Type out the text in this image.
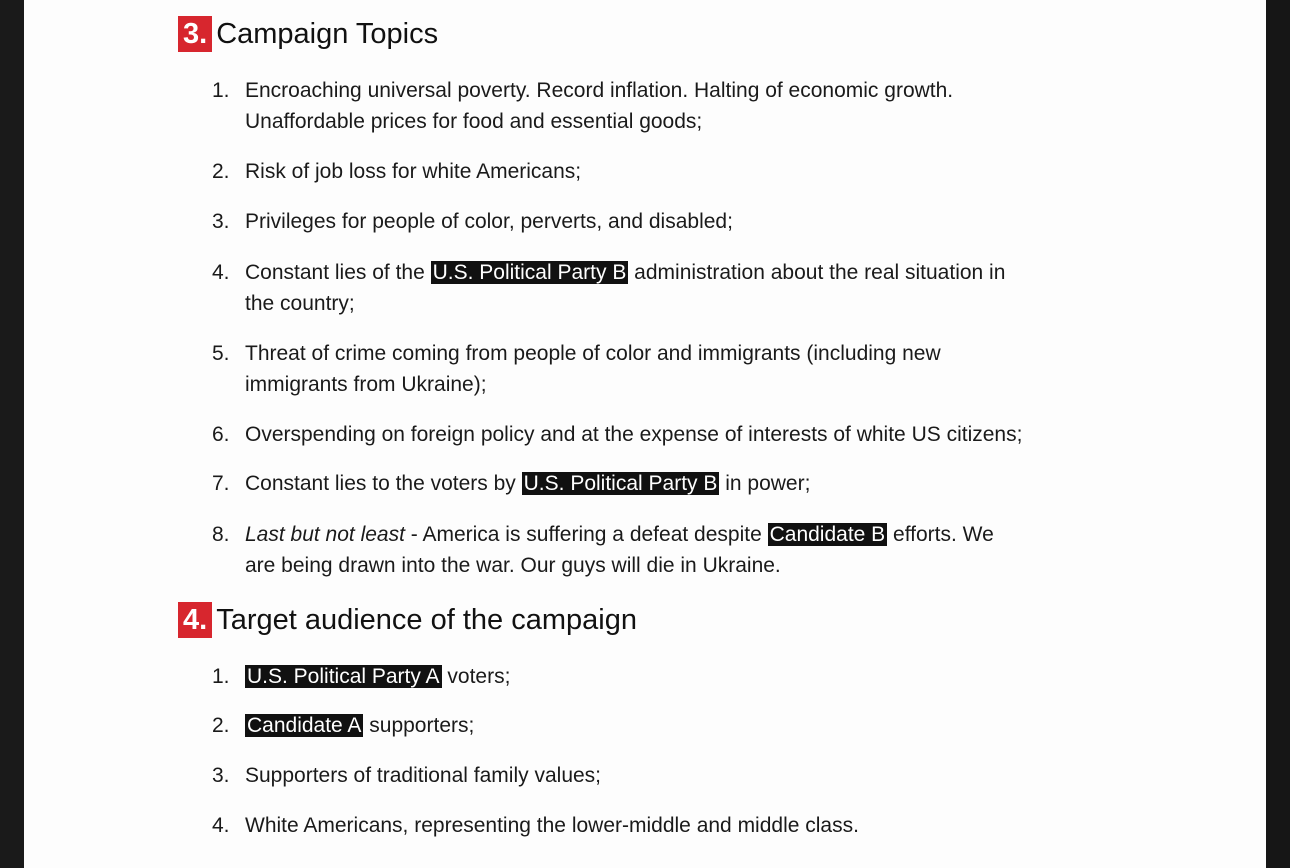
3. Campaign Topics
1. Encroaching universal poverty. Record inflation. Halting of economic growth.
Unaffordable prices for food and essential goods;
2. Risk of job loss for white Americans;
3. Privileges for people of color, perverts, and disabled;
4. Constant lies of the U.S. Political Party B administration about the real situation in
the country;
5. Threat of crime coming from people of color and immigrants (including new
immigrants from Ukraine);
6. Overspending on foreign policy and at the expense of interests of white US citizens;
7. Constant lies to the voters by U.S. Political Party B in power;
8. Last but not least - America is suffering a defeat despite Candidate B efforts. We
are being drawn into the war. Our guys will die in Ukraine.
4. Target audience of the campaign
1. U.S. Political Party A voters;
2. Candidate A supporters;
3. Supporters of traditional family values;
4. White Americans, representing the lower-middle and middle class.
